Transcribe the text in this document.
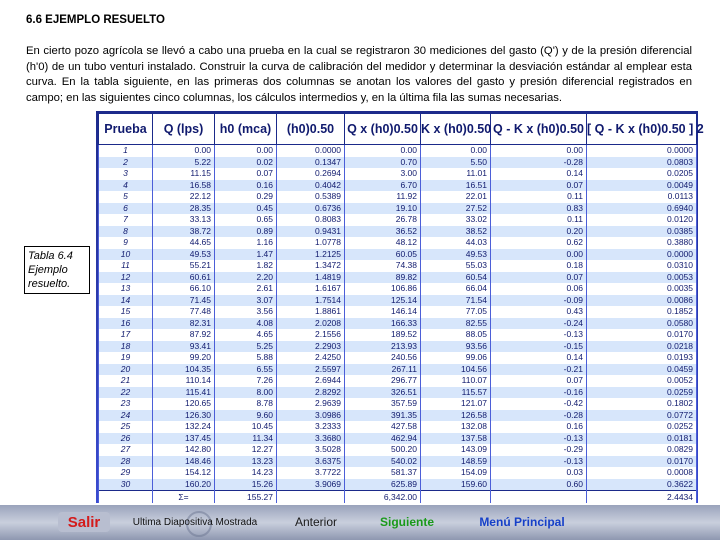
6.6 EJEMPLO RESUELTO
En cierto pozo agrícola se llevó a cabo una prueba en la cual se registraron 30 mediciones del gasto (Q') y de la presión diferencial (h'0) de un tubo venturi instalado. Construir la curva de calibración del medidor y determinar la desviación estándar al emplear esta curva. En la tabla siguiente, en las primeras dos columnas se anotan los valores del gasto y presión diferencial registrados en campo; en las siguientes cinco columnas, los cálculos intermedios y, en la última fila las sumas necesarias.
Tabla 6.4
Ejemplo
resuelto.
Prueba	Q (lps)	h0 (mca)	(h0)0.50	Q x (h0)0.50	K x (h0)0.50	Q - K x (h0)0.50	[ Q - K x (h0)0.50 ] 2
1	0.00	0.00	0.0000	0.00	0.00	0.00	0.0000
2	5.22	0.02	0.1347	0.70	5.50	-0.28	0.0803
3	11.15	0.07	0.2694	3.00	11.01	0.14	0.0205
4	16.58	0.16	0.4042	6.70	16.51	0.07	0.0049
5	22.12	0.29	0.5389	11.92	22.01	0.11	0.0113
6	28.35	0.45	0.6736	19.10	27.52	0.83	0.6940
7	33.13	0.65	0.8083	26.78	33.02	0.11	0.0120
8	38.72	0.89	0.9431	36.52	38.52	0.20	0.0385
9	44.65	1.16	1.0778	48.12	44.03	0.62	0.3880
10	49.53	1.47	1.2125	60.05	49.53	0.00	0.0000
11	55.21	1.82	1.3472	74.38	55.03	0.18	0.0310
12	60.61	2.20	1.4819	89.82	60.54	0.07	0.0053
13	66.10	2.61	1.6167	106.86	66.04	0.06	0.0035
14	71.45	3.07	1.7514	125.14	71.54	-0.09	0.0086
15	77.48	3.56	1.8861	146.14	77.05	0.43	0.1852
16	82.31	4.08	2.0208	166.33	82.55	-0.24	0.0580
17	87.92	4.65	2.1556	189.52	88.05	-0.13	0.0170
18	93.41	5.25	2.2903	213.93	93.56	-0.15	0.0218
19	99.20	5.88	2.4250	240.56	99.06	0.14	0.0193
20	104.35	6.55	2.5597	267.11	104.56	-0.21	0.0459
21	110.14	7.26	2.6944	296.77	110.07	0.07	0.0052
22	115.41	8.00	2.8292	326.51	115.57	-0.16	0.0259
23	120.65	8.78	2.9639	357.59	121.07	-0.42	0.1802
24	126.30	9.60	3.0986	391.35	126.58	-0.28	0.0772
25	132.24	10.45	3.2333	427.58	132.08	0.16	0.0252
26	137.45	11.34	3.3680	462.94	137.58	-0.13	0.0181
27	142.80	12.27	3.5028	500.20	143.09	-0.29	0.0829
28	148.46	13.23	3.6375	540.02	148.59	-0.13	0.0170
29	154.12	14.23	3.7722	581.37	154.09	0.03	0.0008
30	160.20	15.26	3.9069	625.89	159.60	0.60	0.3622
	Σ=	155.27		6,342.00			2.4434
Salir	Ultima Diapositiva Mostrada	Anterior	Siguiente	Menú Principal
